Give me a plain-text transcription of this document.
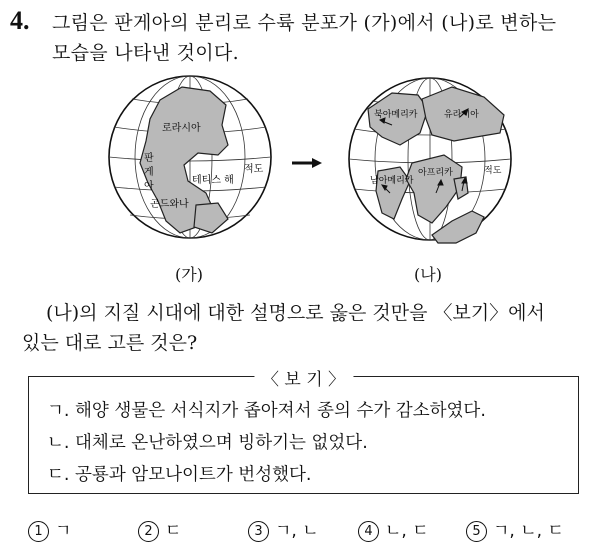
4. 그림은 판게아의 분리로 수륙 분포가 (가)에서 (나)로 변하는
모습을 나타낸 것이다.
로라시아
판
게
아
테티스 해
적도
곤드와나
북아메리카	유라시아
남아메리카
아프리카	적도
(가)	(나)
(나)의 지질 시대에 대한 설명으로 옳은 것만을 〈보기〉에서
있는 대로 고른 것은?
〈 보 기 〉
ㄱ. 해양 생물은 서식지가 좁아져서 종의 수가 감소하였다.
ㄴ. 대체로 온난하였으며 빙하기는 없었다.
ㄷ. 공룡과 암모나이트가 번성했다.
1 ㄱ	2 ㄷ	3 ㄱ, ㄴ	4 ㄴ, ㄷ	5 ㄱ, ㄴ, ㄷ
